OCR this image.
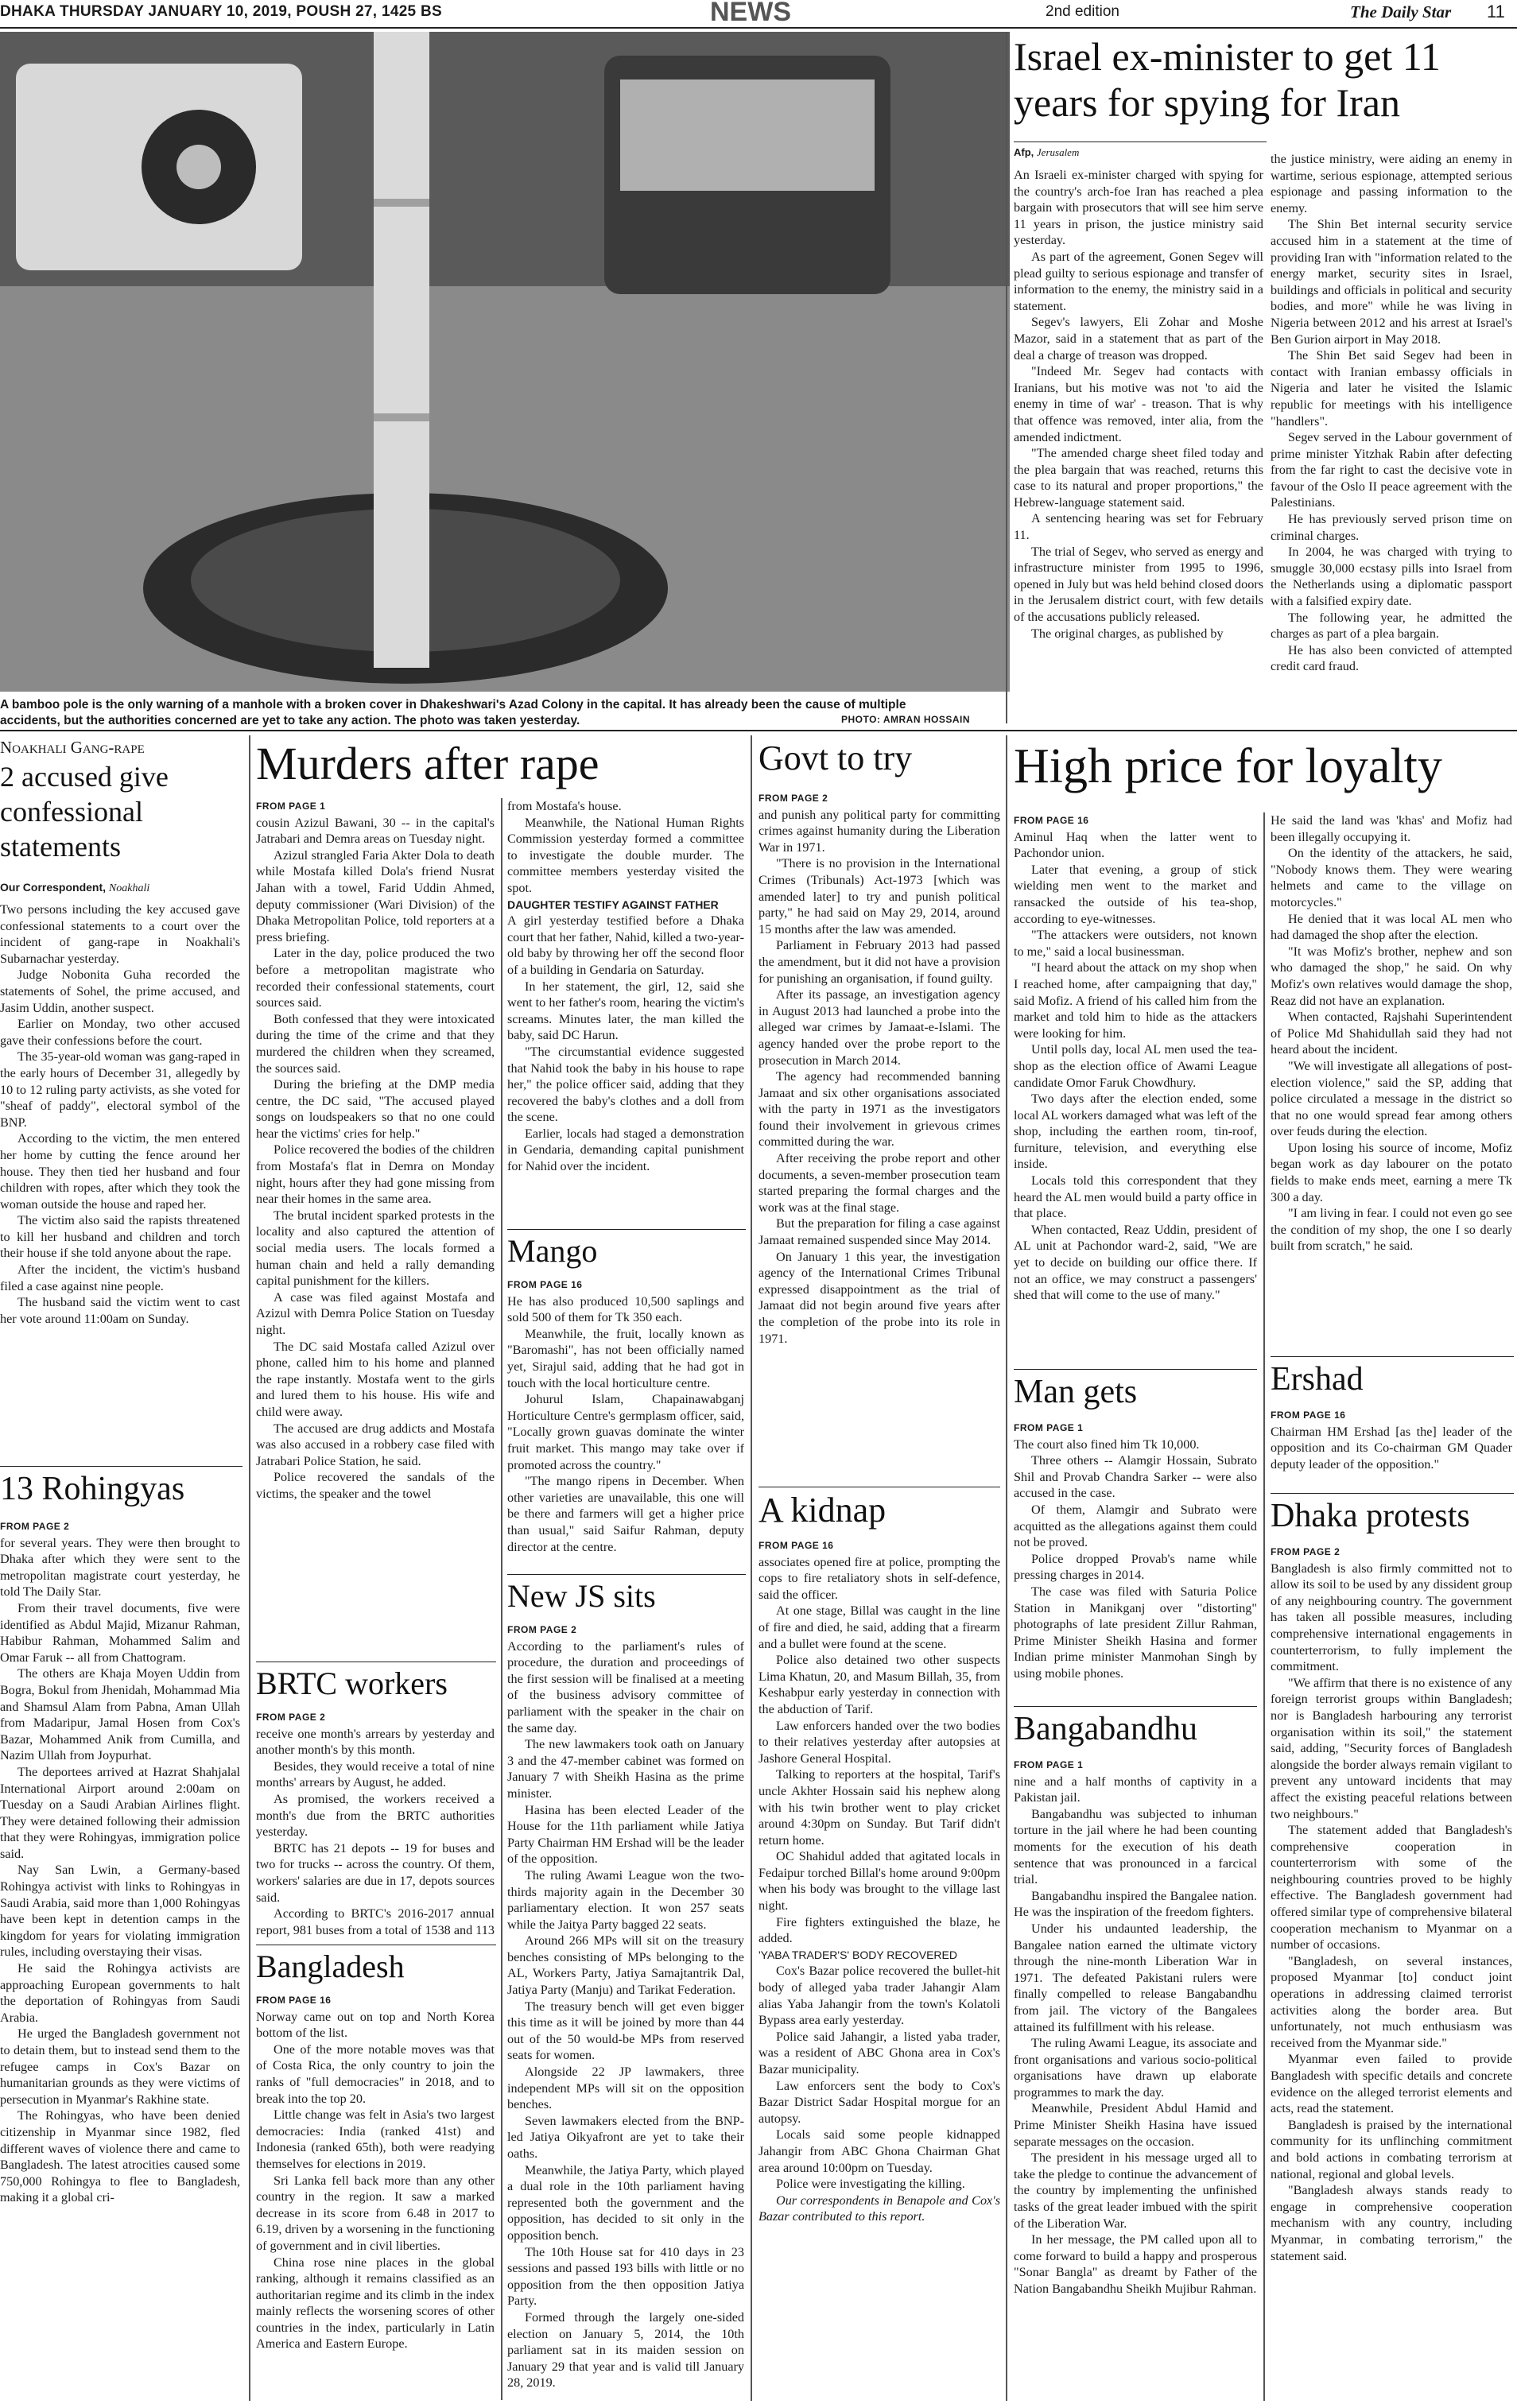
DHAKA THURSDAY JANUARY 10, 2019, POUSH 27, 1425 BS	NEWS	2nd edition	The Daily Star 11
A bamboo pole is the only warning of a manhole with a broken cover in Dhakeshwari's Azad Colony in the capital. It has already been the cause of multiple accidents, but the authorities concerned are yet to take any action. The photo was taken yesterday.	PHOTO: AMRAN HOSSAIN
Israel ex-minister to get 11 years for spying for Iran
Afp, Jerusalem

An Israeli ex-minister charged with spying for the country's arch-foe Iran has reached a plea bargain with prosecutors that will see him serve 11 years in prison, the justice ministry said yesterday.

As part of the agreement, Gonen Segev will plead guilty to serious espionage and transfer of information to the enemy, the ministry said in a statement.

Segev's lawyers, Eli Zohar and Moshe Mazor, said in a statement that as part of the deal a charge of treason was dropped.

"Indeed Mr. Segev had contacts with Iranians, but his motive was not 'to aid the enemy in time of war' - treason. That is why that offence was removed, inter alia, from the amended indictment.

"The amended charge sheet filed today and the plea bargain that was reached, returns this case to its natural and proper proportions," the Hebrew-language statement said.

A sentencing hearing was set for February 11.

The trial of Segev, who served as energy and infrastructure minister from 1995 to 1996, opened in July but was held behind closed doors in the Jerusalem district court, with few details of the accusations publicly released.

The original charges, as published by

the justice ministry, were aiding an enemy in wartime, serious espionage, attempted serious espionage and passing information to the enemy.

The Shin Bet internal security service accused him in a statement at the time of providing Iran with "information related to the energy market, security sites in Israel, buildings and officials in political and security bodies, and more" while he was living in Nigeria between 2012 and his arrest at Israel's Ben Gurion airport in May 2018.

The Shin Bet said Segev had been in contact with Iranian embassy officials in Nigeria and later he visited the Islamic republic for meetings with his intelligence "handlers".

Segev served in the Labour government of prime minister Yitzhak Rabin after defecting from the far right to cast the decisive vote in favour of the Oslo II peace agreement with the Palestinians.

He has previously served prison time on criminal charges.

In 2004, he was charged with trying to smuggle 30,000 ecstasy pills into Israel from the Netherlands using a diplomatic passport with a falsified expiry date.

The following year, he admitted the charges as part of a plea bargain.

He has also been convicted of attempted credit card fraud.

Noakhali Gang-rape
2 accused give confessional statements
Our Correspondent, Noakhali

Two persons including the key accused gave confessional statements to a court over the incident of gang-rape in Noakhali's Subarnachar yesterday.

Judge Nobonita Guha recorded the statements of Sohel, the prime accused, and Jasim Uddin, another suspect.

Earlier on Monday, two other accused gave their confessions before the court.

The 35-year-old woman was gang-raped in the early hours of December 31, allegedly by 10 to 12 ruling party activists, as she voted for "sheaf of paddy", electoral symbol of the BNP.

According to the victim, the men entered her home by cutting the fence around her house. They then tied her husband and four children with ropes, after which they took the woman outside the house and raped her.

The victim also said the rapists threatened to kill her husband and children and torch their house if she told anyone about the rape.

After the incident, the victim's husband filed a case against nine people.

The husband said the victim went to cast her vote around 11:00am on Sunday.

13 Rohingyas
FROM PAGE 2

for several years. They were then brought to Dhaka after which they were sent to the metropolitan magistrate court yesterday, he told The Daily Star.

From their travel documents, five were identified as Abdul Majid, Mizanur Rahman, Habibur Rahman, Mohammed Salim and Omar Faruk -- all from Chattogram.

The others are Khaja Moyen Uddin from Bogra, Bokul from Jhenidah, Mohammad Mia and Shamsul Alam from Pabna, Aman Ullah from Madaripur, Jamal Hosen from Cox's Bazar, Mohammed Anik from Cumilla, and Nazim Ullah from Joypurhat.

The deportees arrived at Hazrat Shahjalal International Airport around 2:00am on Tuesday on a Saudi Arabian Airlines flight. They were detained following their admission that they were Rohingyas, immigration police said.

Nay San Lwin, a Germany-based Rohingya activist with links to Rohingyas in Saudi Arabia, said more than 1,000 Rohingyas have been kept in detention camps in the kingdom for years for violating immigration rules, including overstaying their visas.

He said the Rohingya activists are approaching European governments to halt the deportation of Rohingyas from Saudi Arabia.

He urged the Bangladesh government not to detain them, but to instead send them to the refugee camps in Cox's Bazar on humanitarian grounds as they were victims of persecution in Myanmar's Rakhine state.

The Rohingyas, who have been denied citizenship in Myanmar since 1982, fled different waves of violence there and came to Bangladesh. The latest atrocities caused some 750,000 Rohingya to flee to Bangladesh, making it a global cri-

Murders after rape
FROM PAGE 1

cousin Azizul Bawani, 30 -- in the capital's Jatrabari and Demra areas on Tuesday night.

Azizul strangled Faria Akter Dola to death while Mostafa killed Dola's friend Nusrat Jahan with a towel, Farid Uddin Ahmed, deputy commissioner (Wari Division) of the Dhaka Metropolitan Police, told reporters at a press briefing.

Later in the day, police produced the two before a metropolitan magistrate who recorded their confessional statements, court sources said.

Both confessed that they were intoxicated during the time of the crime and that they murdered the children when they screamed, the sources said.

During the briefing at the DMP media centre, the DC said, "The accused played songs on loudspeakers so that no one could hear the victims' cries for help."

Police recovered the bodies of the children from Mostafa's flat in Demra on Monday night, hours after they had gone missing from near their homes in the same area.

The brutal incident sparked protests in the locality and also captured the attention of social media users. The locals formed a human chain and held a rally demanding capital punishment for the killers.

A case was filed against Mostafa and Azizul with Demra Police Station on Tuesday night.

The DC said Mostafa called Azizul over phone, called him to his home and planned the rape instantly. Mostafa went to the girls and lured them to his house. His wife and child were away.

The accused are drug addicts and Mostafa was also accused in a robbery case filed with Jatrabari Police Station, he said.

Police recovered the sandals of the victims, the speaker and the towel

from Mostafa's house.

Meanwhile, the National Human Rights Commission yesterday formed a committee to investigate the double murder. The committee members yesterday visited the spot.

DAUGHTER TESTIFY AGAINST FATHER

A girl yesterday testified before a Dhaka court that her father, Nahid, killed a two-year-old baby by throwing her off the second floor of a building in Gendaria on Saturday.

In her statement, the girl, 12, said she went to her father's room, hearing the victim's screams. Minutes later, the man killed the baby, said DC Harun.

"The circumstantial evidence suggested that Nahid took the baby in his house to rape her," the police officer said, adding that they recovered the baby's clothes and a doll from the scene.

Earlier, locals had staged a demonstration in Gendaria, demanding capital punishment for Nahid over the incident.

BRTC workers
FROM PAGE 2

receive one month's arrears by yesterday and another month's by this month.

Besides, they would receive a total of nine months' arrears by August, he added.

As promised, the workers received a month's due from the BRTC authorities yesterday.

BRTC has 21 depots -- 19 for buses and two for trucks -- across the country. Of them, workers' salaries are due in 17, depots sources said.

According to BRTC's 2016-2017 annual report, 981 buses from a total of 1538 and 113

Bangladesh
FROM PAGE 16

Norway came out on top and North Korea bottom of the list.

One of the more notable moves was that of Costa Rica, the only country to join the ranks of "full democracies" in 2018, and to break into the top 20.

Little change was felt in Asia's two largest democracies: India (ranked 41st) and Indonesia (ranked 65th), both were readying themselves for elections in 2019.

Sri Lanka fell back more than any other country in the region. It saw a marked decrease in its score from 6.48 in 2017 to 6.19, driven by a worsening in the functioning of government and in civil liberties.

China rose nine places in the global ranking, although it remains classified as an authoritarian regime and its climb in the index mainly reflects the worsening scores of other countries in the index, particularly in Latin America and Eastern Europe.

Mango
FROM PAGE 16

He has also produced 10,500 saplings and sold 500 of them for Tk 350 each.

Meanwhile, the fruit, locally known as "Baromashi", has not been officially named yet, Sirajul said, adding that he had got in touch with the local horticulture centre.

Johurul Islam, Chapainawabganj Horticulture Centre's germplasm officer, said, "Locally grown guavas dominate the winter fruit market. This mango may take over if promoted across the country."

"The mango ripens in December. When other varieties are unavailable, this one will be there and farmers will get a higher price than usual," said Saifur Rahman, deputy director at the centre.

New JS sits
FROM PAGE 2

According to the parliament's rules of procedure, the duration and proceedings of the first session will be finalised at a meeting of the business advisory committee of parliament with the speaker in the chair on the same day.

The new lawmakers took oath on January 3 and the 47-member cabinet was formed on January 7 with Sheikh Hasina as the prime minister.

Hasina has been elected Leader of the House for the 11th parliament while Jatiya Party Chairman HM Ershad will be the leader of the opposition.

The ruling Awami League won the two-thirds majority again in the December 30 parliamentary election. It won 257 seats while the Jaitya Party bagged 22 seats.

Around 266 MPs will sit on the treasury benches consisting of MPs belonging to the AL, Workers Party, Jatiya Samajtantrik Dal, Jatiya Party (Manju) and Tarikat Federation.

The treasury bench will get even bigger this time as it will be joined by more than 44 out of the 50 would-be MPs from reserved seats for women.

Alongside 22 JP lawmakers, three independent MPs will sit on the opposition benches.

Seven lawmakers elected from the BNP-led Jatiya Oikyafront are yet to take their oaths.

Meanwhile, the Jatiya Party, which played a dual role in the 10th parliament having represented both the government and the opposition, has decided to sit only in the opposition bench.

The 10th House sat for 410 days in 23 sessions and passed 193 bills with little or no opposition from the then opposition Jatiya Party.

Formed through the largely one-sided election on January 5, 2014, the 10th parliament sat in its maiden session on January 29 that year and is valid till January 28, 2019.

Govt to try
FROM PAGE 2

and punish any political party for committing crimes against humanity during the Liberation War in 1971.

"There is no provision in the International Crimes (Tribunals) Act-1973 [which was amended later] to try and punish political party," he had said on May 29, 2014, around 15 months after the law was amended.

Parliament in February 2013 had passed the amendment, but it did not have a provision for punishing an organisation, if found guilty.

After its passage, an investigation agency in August 2013 had launched a probe into the alleged war crimes by Jamaat-e-Islami. The agency handed over the probe report to the prosecution in March 2014.

The agency had recommended banning Jamaat and six other organisations associated with the party in 1971 as the investigators found their involvement in grievous crimes committed during the war.

After receiving the probe report and other documents, a seven-member prosecution team started preparing the formal charges and the work was at the final stage.

But the preparation for filing a case against Jamaat remained suspended since May 2014.

On January 1 this year, the investigation agency of the International Crimes Tribunal expressed disappointment as the trial of Jamaat did not begin around five years after the completion of the probe into its role in 1971.

A kidnap
FROM PAGE 16

associates opened fire at police, prompting the cops to fire retaliatory shots in self-defence, said the officer.

At one stage, Billal was caught in the line of fire and died, he said, adding that a firearm and a bullet were found at the scene.

Police also detained two other suspects Lima Khatun, 20, and Masum Billah, 35, from Keshabpur early yesterday in connection with the abduction of Tarif.

Law enforcers handed over the two bodies to their relatives yesterday after autopsies at Jashore General Hospital.

Talking to reporters at the hospital, Tarif's uncle Akhter Hossain said his nephew along with his twin brother went to play cricket around 4:30pm on Sunday. But Tarif didn't return home.

OC Shahidul added that agitated locals in Fedaipur torched Billal's home around 9:00pm when his body was brought to the village last night.

Fire fighters extinguished the blaze, he added.

'YABA TRADER'S' BODY RECOVERED

Cox's Bazar police recovered the bullet-hit body of alleged yaba trader Jahangir Alam alias Yaba Jahangir from the town's Kolatoli Bypass area early yesterday.

Police said Jahangir, a listed yaba trader, was a resident of ABC Ghona area in Cox's Bazar municipality.

Law enforcers sent the body to Cox's Bazar District Sadar Hospital morgue for an autopsy.

Locals said some people kidnapped Jahangir from ABC Ghona Chairman Ghat area around 10:00pm on Tuesday.

Police were investigating the killing.

Our correspondents in Benapole and Cox's Bazar contributed to this report.

High price for loyalty
FROM PAGE 16

Aminul Haq when the latter went to Pachondor union.

Later that evening, a group of stick wielding men went to the market and ransacked the outside of his tea-shop, according to eye-witnesses.

"The attackers were outsiders, not known to me," said a local businessman.

"I heard about the attack on my shop when I reached home, after campaigning that day," said Mofiz. A friend of his called him from the market and told him to hide as the attackers were looking for him.

Until polls day, local AL men used the tea-shop as the election office of Awami League candidate Omor Faruk Chowdhury.

Two days after the election ended, some local AL workers damaged what was left of the shop, including the earthen room, tin-roof, furniture, television, and everything else inside.

Locals told this correspondent that they heard the AL men would build a party office in that place.

When contacted, Reaz Uddin, president of AL unit at Pachondor ward-2, said, "We are yet to decide on building our office there. If not an office, we may construct a passengers' shed that will come to the use of many."

He said the land was 'khas' and Mofiz had been illegally occupying it.

On the identity of the attackers, he said, "Nobody knows them. They were wearing helmets and came to the village on motorcycles."

He denied that it was local AL men who had damaged the shop after the election.

"It was Mofiz's brother, nephew and son who damaged the shop," he said. On why Mofiz's own relatives would damage the shop, Reaz did not have an explanation.

When contacted, Rajshahi Superintendent of Police Md Shahidullah said they had not heard about the incident.

"We will investigate all allegations of post-election violence," said the SP, adding that police circulated a message in the district so that no one would spread fear among others over feuds during the election.

Upon losing his source of income, Mofiz began work as day labourer on the potato fields to make ends meet, earning a mere Tk 300 a day.

"I am living in fear. I could not even go see the condition of my shop, the one I so dearly built from scratch," he said.

Man gets
FROM PAGE 1

The court also fined him Tk 10,000.

Three others -- Alamgir Hossain, Subrato Shil and Provab Chandra Sarker -- were also accused in the case.

Of them, Alamgir and Subrato were acquitted as the allegations against them could not be proved.

Police dropped Provab's name while pressing charges in 2014.

The case was filed with Saturia Police Station in Manikganj over "distorting" photographs of late president Zillur Rahman, Prime Minister Sheikh Hasina and former Indian prime minister Manmohan Singh by using mobile phones.

Bangabandhu
FROM PAGE 1

nine and a half months of captivity in a Pakistan jail.

Bangabandhu was subjected to inhuman torture in the jail where he had been counting moments for the execution of his death sentence that was pronounced in a farcical trial.

Bangabandhu inspired the Bangalee nation. He was the inspiration of the freedom fighters.

Under his undaunted leadership, the Bangalee nation earned the ultimate victory through the nine-month Liberation War in 1971. The defeated Pakistani rulers were finally compelled to release Bangabandhu from jail. The victory of the Bangalees attained its fulfillment with his release.

The ruling Awami League, its associate and front organisations and various socio-political organisations have drawn up elaborate programmes to mark the day.

Meanwhile, President Abdul Hamid and Prime Minister Sheikh Hasina have issued separate messages on the occasion.

The president in his message urged all to take the pledge to continue the advancement of the country by implementing the unfinished tasks of the great leader imbued with the spirit of the Liberation War.

In her message, the PM called upon all to come forward to build a happy and prosperous "Sonar Bangla" as dreamt by Father of the Nation Bangabandhu Sheikh Mujibur Rahman.

Ershad
FROM PAGE 16

Chairman HM Ershad [as the] leader of the opposition and its Co-chairman GM Quader deputy leader of the opposition."

Dhaka protests
FROM PAGE 2

Bangladesh is also firmly committed not to allow its soil to be used by any dissident group of any neighbouring country. The government has taken all possible measures, including comprehensive international engagements in counterterrorism, to fully implement the commitment.

"We affirm that there is no existence of any foreign terrorist groups within Bangladesh; nor is Bangladesh harbouring any terrorist organisation within its soil," the statement said, adding, "Security forces of Bangladesh alongside the border always remain vigilant to prevent any untoward incidents that may affect the existing peaceful relations between two neighbours."

The statement added that Bangladesh's comprehensive cooperation in counterterrorism with some of the neighbouring countries proved to be highly effective. The Bangladesh government had offered similar type of comprehensive bilateral cooperation mechanism to Myanmar on a number of occasions.

"Bangladesh, on several instances, proposed Myanmar [to] conduct joint operations in addressing claimed terrorist activities along the border area. But unfortunately, not much enthusiasm was received from the Myanmar side."

Myanmar even failed to provide Bangladesh with specific details and concrete evidence on the alleged terrorist elements and acts, read the statement.

Bangladesh is praised by the international community for its unflinching commitment and bold actions in combating terrorism at national, regional and global levels.

"Bangladesh always stands ready to engage in comprehensive cooperation mechanism with any country, including Myanmar, in combating terrorism," the statement said.
